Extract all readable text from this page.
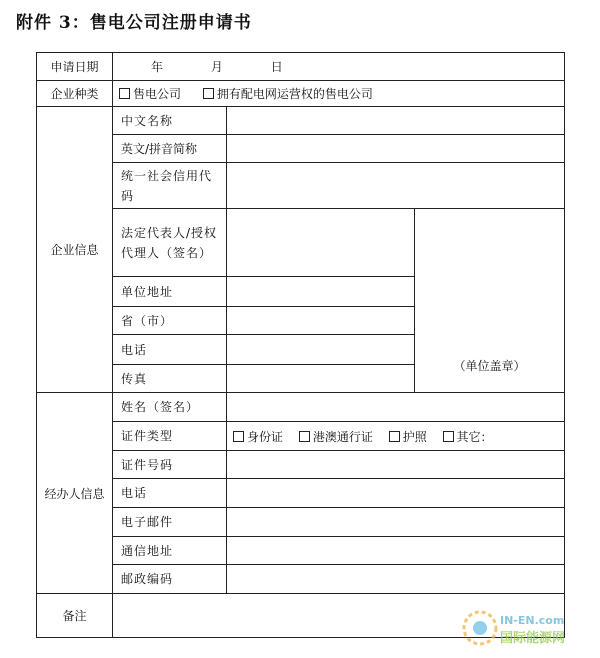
附件 3：售电公司注册申请书
申请日期	年 月 日		
企业种类	售电公司 拥有配电网运营权的售电公司		
企业信息	中文名称		
	英文/拼音简称		
	统一社会信用代码		
	法定代表人/授权代理人（签名）		（单位盖章）
	单位地址		
	省（市）		
	电话		
	传真		
经办人信息	姓名（签名）		
	证件类型	身份证 港澳通行证 护照 其它：	
	证件号码		
	电话		
	电子邮件		
	通信地址		
	邮政编码		
备注				IN-EN.com
国际能源网
